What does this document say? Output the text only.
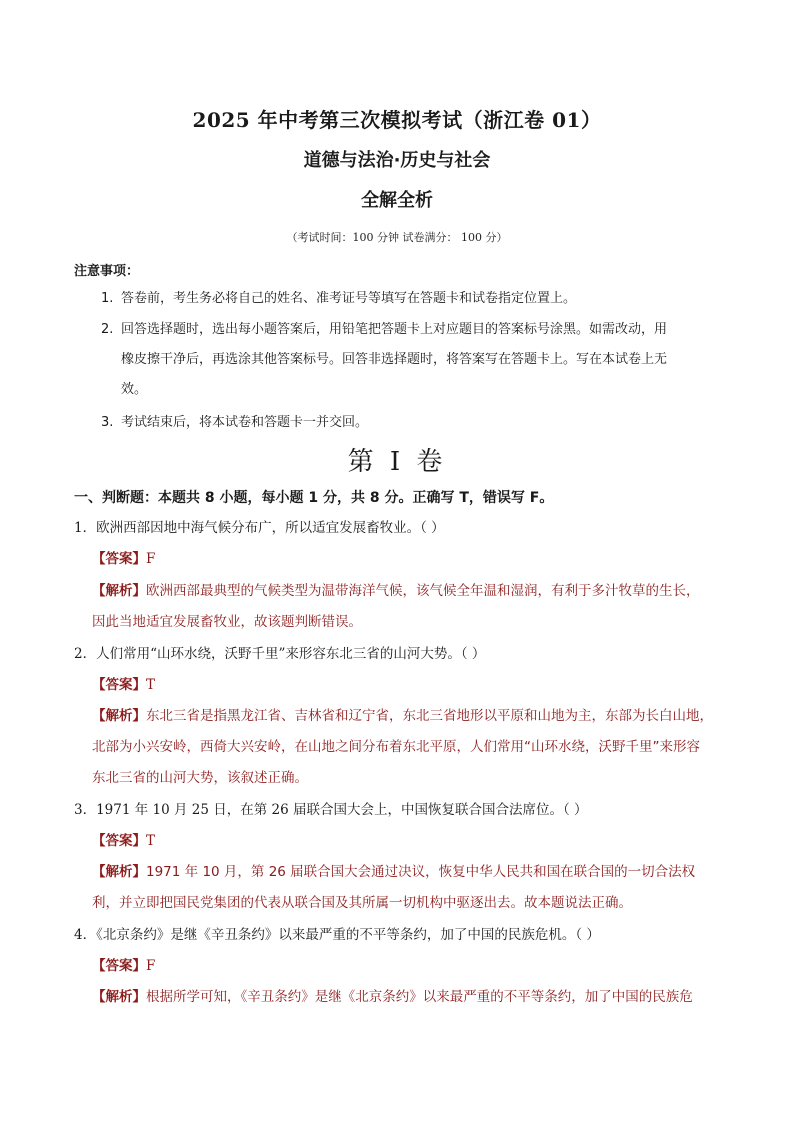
2025 年中考第三次模拟考试（浙江卷 01）
道德与法治·历史与社会
全解全析
（考试时间：100 分钟 试卷满分： 100 分）
注意事项：
1. 答卷前，考生务必将自己的姓名、准考证号等填写在答题卡和试卷指定位置上。
2. 回答选择题时，选出每小题答案后，用铅笔把答题卡上对应题目的答案标号涂黑。如需改动，用
橡皮擦干净后，再选涂其他答案标号。回答非选择题时，将答案写在答题卡上。写在本试卷上无
效。
3. 考试结束后，将本试卷和答题卡一并交回。
第 I 卷
一、判断题：本题共 8 小题，每小题 1 分，共 8 分。正确写 T，错误写 F。
1．欧洲西部因地中海气候分布广，所以适宜发展畜牧业。（ ）
【答案】F
【解析】欧洲西部最典型的气候类型为温带海洋气候，该气候全年温和湿润，有利于多汁牧草的生长，
因此当地适宜发展畜牧业，故该题判断错误。
2．人们常用“山环水绕，沃野千里”来形容东北三省的山河大势。（ ）
【答案】T
【解析】东北三省是指黑龙江省、吉林省和辽宁省，东北三省地形以平原和山地为主，东部为长白山地，
北部为小兴安岭，西倚大兴安岭，在山地之间分布着东北平原，人们常用“山环水绕，沃野千里”来形容
东北三省的山河大势，该叙述正确。
3．1971 年 10 月 25 日，在第 26 届联合国大会上，中国恢复联合国合法席位。（ ）
【答案】T
【解析】1971 年 10 月，第 26 届联合国大会通过决议，恢复中华人民共和国在联合国的一切合法权
利，并立即把国民党集团的代表从联合国及其所属一切机构中驱逐出去。故本题说法正确。
4．《北京条约》是继《辛丑条约》以来最严重的不平等条约，加了中国的民族危机。（ ）
【答案】F
【解析】根据所学可知，《辛丑条约》是继《北京条约》以来最严重的不平等条约，加了中国的民族危
